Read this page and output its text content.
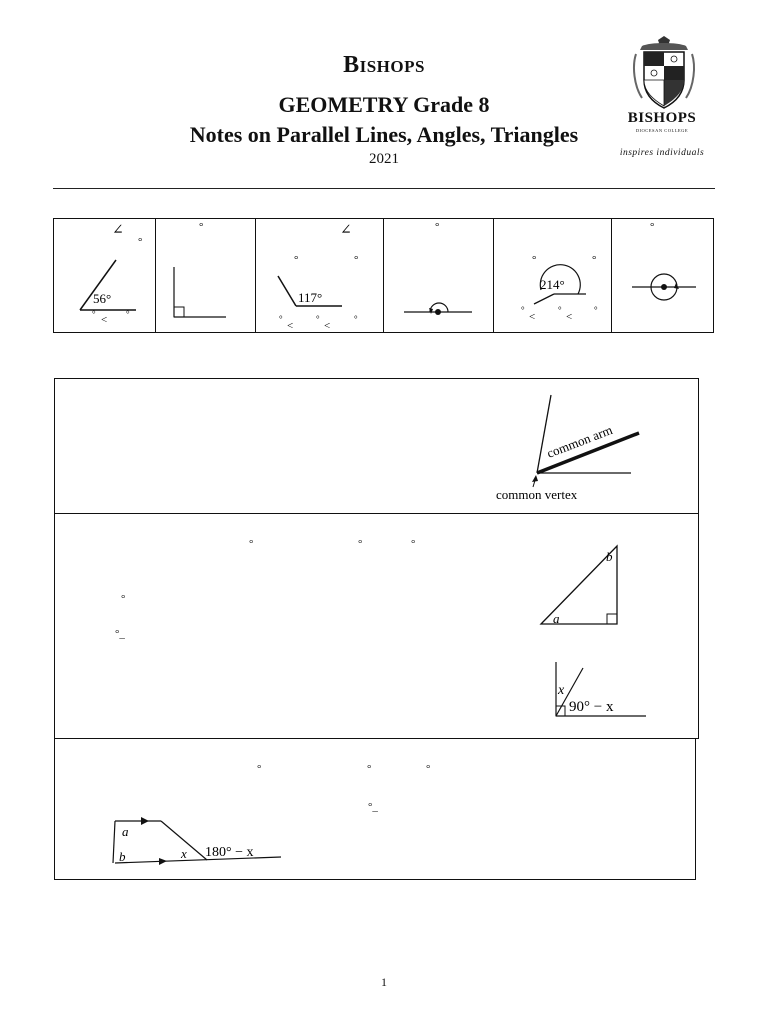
BISHOPS
GEOMETRY Grade 8
Notes on Parallel Lines, Angles, Triangles
2021
BISHOPS
DIOCESAN COLLEGE
inspires individuals
∠
°
56°
° < °
°	∠
°	°
117°
°
<
°
<
°
°
°	°
214°
°
<
°
<
°
°
common arm
common vertex
°	°	°
°
°_
a
b
x
90° − x
°	°	°
°_
a
b	x 180° − x
1
